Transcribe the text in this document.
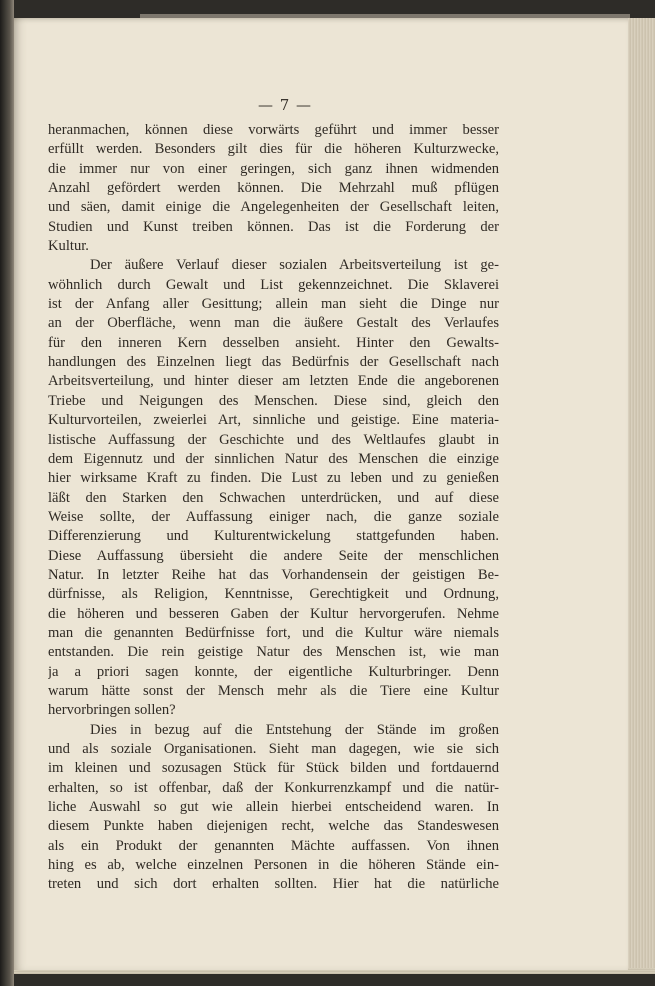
— 7 —
heranmachen, können diese vorwärts geführt und immer besser
erfüllt werden. Besonders gilt dies für die höheren Kulturzwecke,
die immer nur von einer geringen, sich ganz ihnen widmenden
Anzahl gefördert werden können. Die Mehrzahl muß pflügen
und säen, damit einige die Angelegenheiten der Gesellschaft leiten,
Studien und Kunst treiben können. Das ist die Forderung der
Kultur.
Der äußere Verlauf dieser sozialen Arbeitsverteilung ist ge-
wöhnlich durch Gewalt und List gekennzeichnet. Die Sklaverei
ist der Anfang aller Gesittung; allein man sieht die Dinge nur
an der Oberfläche, wenn man die äußere Gestalt des Verlaufes
für den inneren Kern desselben ansieht. Hinter den Gewalts-
handlungen des Einzelnen liegt das Bedürfnis der Gesellschaft nach
Arbeitsverteilung, und hinter dieser am letzten Ende die angeborenen
Triebe und Neigungen des Menschen. Diese sind, gleich den
Kulturvorteilen, zweierlei Art, sinnliche und geistige. Eine materia-
listische Auffassung der Geschichte und des Weltlaufes glaubt in
dem Eigennutz und der sinnlichen Natur des Menschen die einzige
hier wirksame Kraft zu finden. Die Lust zu leben und zu genießen
läßt den Starken den Schwachen unterdrücken, und auf diese
Weise sollte, der Auffassung einiger nach, die ganze soziale
Differenzierung und Kulturentwickelung stattgefunden haben.
Diese Auffassung übersieht die andere Seite der menschlichen
Natur. In letzter Reihe hat das Vorhandensein der geistigen Be-
dürfnisse, als Religion, Kenntnisse, Gerechtigkeit und Ordnung,
die höheren und besseren Gaben der Kultur hervorgerufen. Nehme
man die genannten Bedürfnisse fort, und die Kultur wäre niemals
entstanden. Die rein geistige Natur des Menschen ist, wie man
ja a priori sagen konnte, der eigentliche Kulturbringer. Denn
warum hätte sonst der Mensch mehr als die Tiere eine Kultur
hervorbringen sollen?
Dies in bezug auf die Entstehung der Stände im großen
und als soziale Organisationen. Sieht man dagegen, wie sie sich
im kleinen und sozusagen Stück für Stück bilden und fortdauernd
erhalten, so ist offenbar, daß der Konkurrenzkampf und die natür-
liche Auswahl so gut wie allein hierbei entscheidend waren. In
diesem Punkte haben diejenigen recht, welche das Standeswesen
als ein Produkt der genannten Mächte auffassen. Von ihnen
hing es ab, welche einzelnen Personen in die höheren Stände ein-
treten und sich dort erhalten sollten. Hier hat die natürliche
